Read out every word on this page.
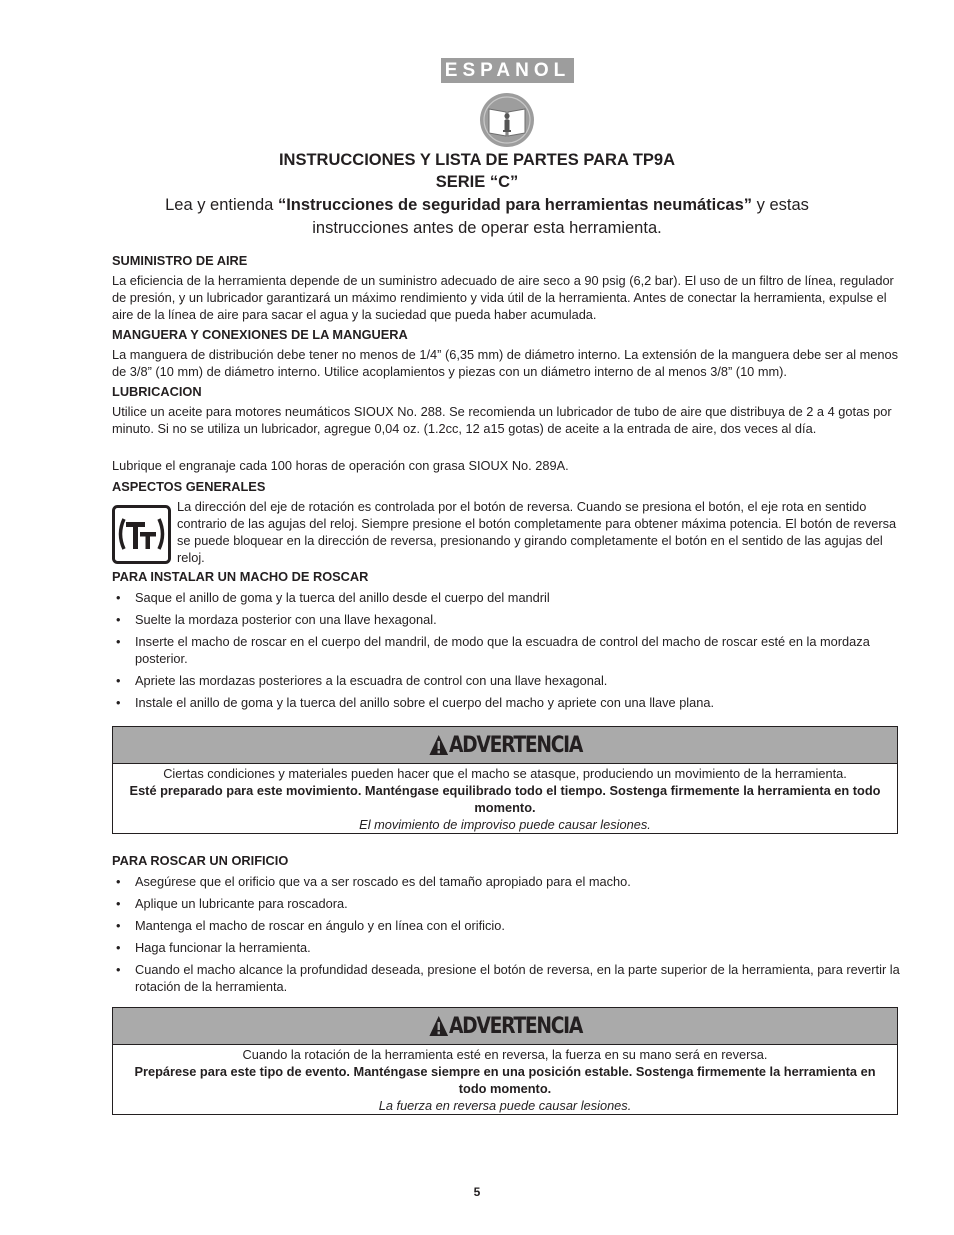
ESPANOL
INSTRUCCIONES Y LISTA DE PARTES PARA TP9A
SERIE “C”
Lea y entienda “Instrucciones de seguridad para herramientas neumáticas” y estas
instrucciones antes de operar esta herramienta.
SUMINISTRO DE AIRE

La eficiencia de la herramienta depende de un suministro adecuado de aire seco a 90 psig (6,2 bar). El uso de un filtro de línea, regulador de presión, y un lubricador garantizará un máximo rendimiento y vida útil de la herramienta. Antes de conectar la herramienta, expulse el aire de la línea de aire para sacar el agua y la suciedad que pueda haber acumulada.

MANGUERA Y CONEXIONES DE LA MANGUERA

La manguera de distribución debe tener no menos de 1/4” (6,35 mm) de diámetro interno. La extensión de la manguera debe ser al menos de 3/8” (10 mm) de diámetro interno. Utilice acoplamientos y piezas con un diámetro interno de al menos 3/8” (10 mm).

LUBRICACION

Utilice un aceite para motores neumáticos SIOUX No. 288. Se recomienda un lubricador de tubo de aire que distribuya de 2 a 4 gotas por minuto. Si no se utiliza un lubricador, agregue 0,04 oz. (1.2cc, 12 a15 gotas) de aceite a la entrada de aire, dos veces al día.

Lubrique el engranaje cada 100 horas de operación con grasa SIOUX No. 289A.

ASPECTOS GENERALES

La dirección del eje de rotación es controlada por el botón de reversa. Cuando se presiona el botón, el eje rota en sentido contrario de las agujas del reloj. Siempre presione el botón completamente para obtener máxima potencia. El botón de reversa se puede bloquear en la dirección de reversa, presionando y girando completamente el botón en el sentido de las agujas del reloj.

PARA INSTALAR UN MACHO DE ROSCAR
• Saque el anillo de goma y la tuerca del anillo desde el cuerpo del mandril
• Suelte la mordaza posterior con una llave hexagonal.
• Inserte el macho de roscar en el cuerpo del mandril, de modo que la escuadra de control del macho de roscar esté en la mordaza posterior.
• Apriete las mordazas posteriores a la escuadra de control con una llave hexagonal.
• Instale el anillo de goma y la tuerca del anillo sobre el cuerpo del macho y apriete con una llave plana.
ADVERTENCIA
Ciertas condiciones y materiales pueden hacer que el macho se atasque, produciendo un movimiento de la herramienta.
Esté preparado para este movimiento. Manténgase equilibrado todo el tiempo. Sostenga firmemente la herramienta en todo momento.
El movimiento de improviso puede causar lesiones.
PARA ROSCAR UN ORIFICIO
• Asegúrese que el orificio que va a ser roscado es del tamaño apropiado para el macho.
• Aplique un lubricante para roscadora.
• Mantenga el macho de roscar en ángulo y en línea con el orificio.
• Haga funcionar la herramienta.
• Cuando el macho alcance la profundidad deseada, presione el botón de reversa, en la parte superior de la herramienta, para revertir la rotación de la herramienta.
ADVERTENCIA
Cuando la rotación de la herramienta esté en reversa, la fuerza en su mano será en reversa.
Prepárese para este tipo de evento. Manténgase siempre en una posición estable. Sostenga firmemente la herramienta en todo momento.
La fuerza en reversa puede causar lesiones.
5
